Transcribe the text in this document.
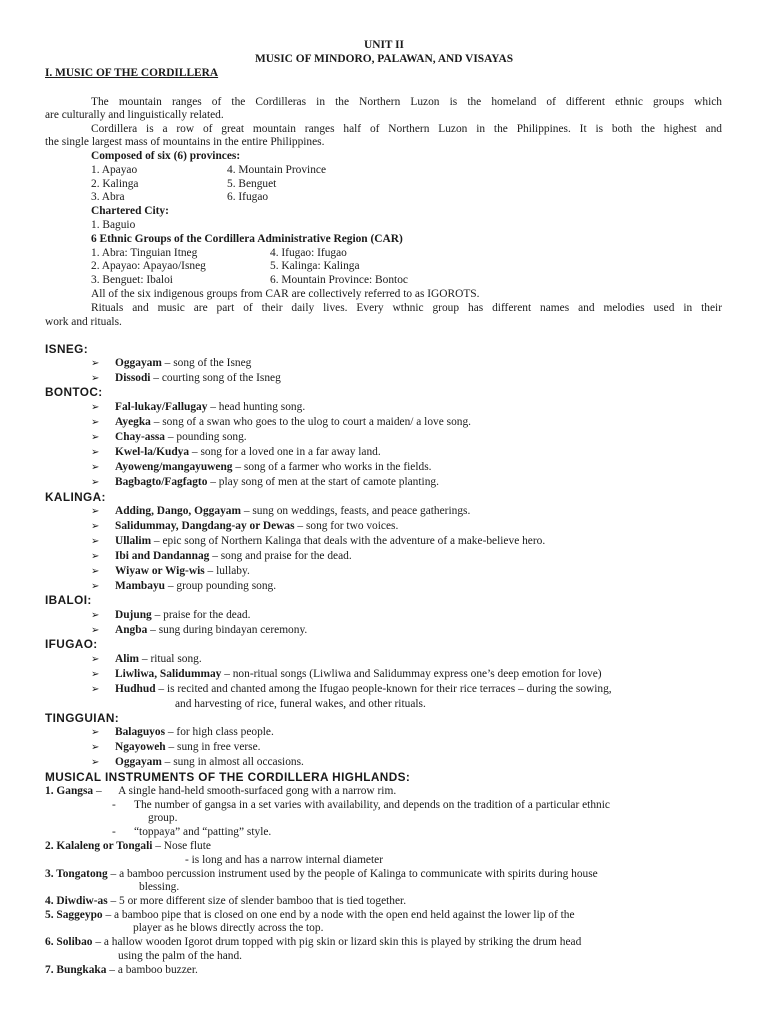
UNIT II
MUSIC OF MINDORO, PALAWAN, AND VISAYAS
I. MUSIC OF THE CORDILLERA
The mountain ranges of the Cordilleras in the Northern Luzon is the homeland of different ethnic groups which
are culturally and linguistically related.
Cordillera is a row of great mountain ranges half of Northern Luzon in the Philippines. It is both the highest and
the single largest mass of mountains in the entire Philippines.
Composed of six (6) provinces:
1. Apayao	4. Mountain Province
2. Kalinga	5. Benguet
3. Abra	6. Ifugao
Chartered City:
1. Baguio
6 Ethnic Groups of the Cordillera Administrative Region (CAR)
1. Abra: Tinguian Itneg	4. Ifugao: Ifugao
2. Apayao: Apayao/Isneg	5. Kalinga: Kalinga
3. Benguet: Ibaloi	6. Mountain Province: Bontoc
All of the six indigenous groups from CAR are collectively referred to as IGOROTS.
Rituals and music are part of their daily lives. Every wthnic group has different names and melodies used in their
work and rituals.
ISNEG:
➢ Oggayam – song of the Isneg
➢ Dissodi – courting song of the Isneg
BONTOC:
➢ Fal-lukay/Fallugay – head hunting song.
➢ Ayegka – song of a swan who goes to the ulog to court a maiden/ a love song.
➢ Chay-assa – pounding song.
➢ Kwel-la/Kudya – song for a loved one in a far away land.
➢ Ayoweng/mangayuweng – song of a farmer who works in the fields.
➢ Bagbagto/Fagfagto – play song of men at the start of camote planting.
KALINGA:
➢ Adding, Dango, Oggayam – sung on weddings, feasts, and peace gatherings.
➢ Salidummay, Dangdang-ay or Dewas – song for two voices.
➢ Ullalim – epic song of Northern Kalinga that deals with the adventure of a make-believe hero.
➢ Ibi and Dandannag – song and praise for the dead.
➢ Wiyaw or Wig-wis – lullaby.
➢ Mambayu – group pounding song.
IBALOI:
➢ Dujung – praise for the dead.
➢ Angba – sung during bindayan ceremony.
IFUGAO:
➢ Alim – ritual song.
➢ Liwliwa, Salidummay – non-ritual songs (Liwliwa and Salidummay express one’s deep emotion for love)
➢ Hudhud – is recited and chanted among the Ifugao people-known for their rice terraces – during the sowing,
and harvesting of rice, funeral wakes, and other rituals.
TINGGUIAN:
➢ Balaguyos – for high class people.
➢ Ngayoweh – sung in free verse.
➢ Oggayam – sung in almost all occasions.
MUSICAL INSTRUMENTS OF THE CORDILLERA HIGHLANDS:
1. Gangsa –      A single hand-held smooth-surfaced gong with a narrow rim.
- The number of gangsa in a set varies with availability, and depends on the tradition of a particular ethnic
group.
- “toppaya” and “patting” style.
2. Kalaleng or Tongali – Nose flute
- is long and has a narrow internal diameter
3. Tongatong – a bamboo percussion instrument used by the people of Kalinga to communicate with spirits during house
blessing.
4. Diwdiw-as – 5 or more different size of slender bamboo that is tied together.
5. Saggeypo – a bamboo pipe that is closed on one end by a node with the open end held against the lower lip of the
player as he blows directly across the top.
6. Solibao – a hallow wooden Igorot drum topped with pig skin or lizard skin this is played by striking the drum head
using the palm of the hand.
7. Bungkaka – a bamboo buzzer.
